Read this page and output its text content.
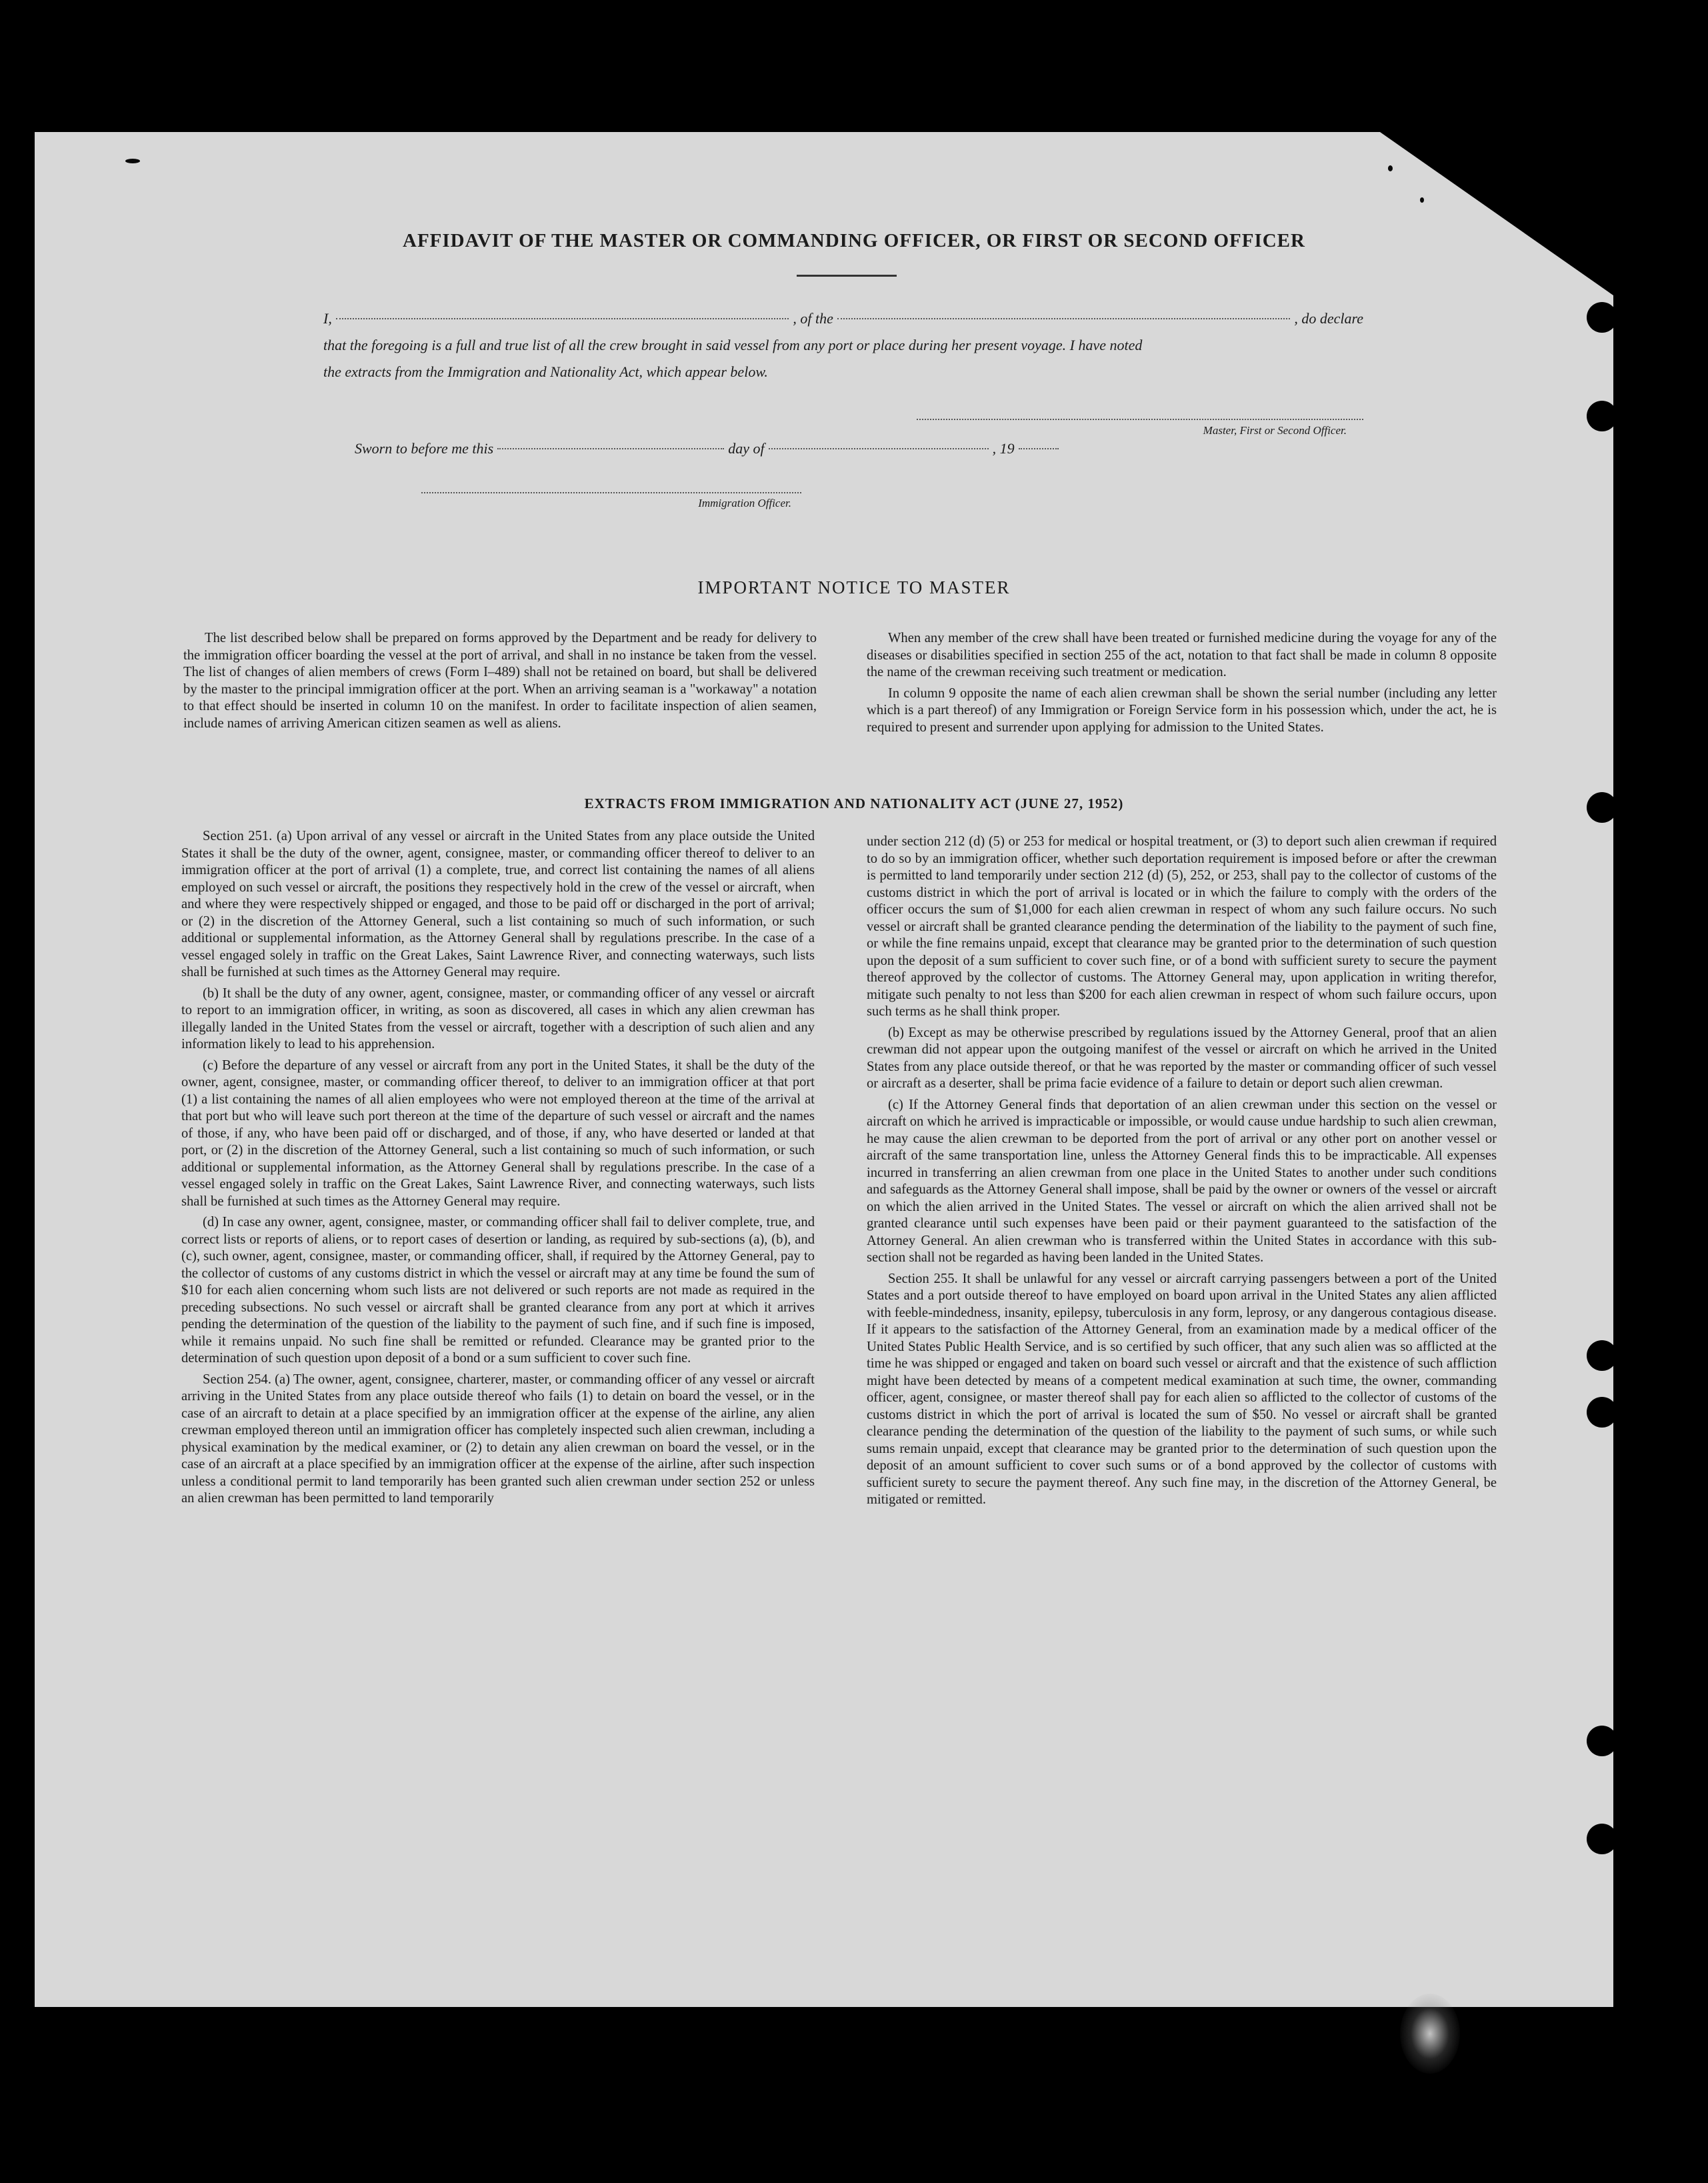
AFFIDAVIT OF THE MASTER OR COMMANDING OFFICER, OR FIRST OR SECOND OFFICER
I,	, of the	, do declare
that the foregoing is a full and true list of all the crew brought in said vessel from any port or place during her present voyage. I have noted
the extracts from the Immigration and Nationality Act, which appear below.
Master, First or Second Officer.
Sworn to before me this	day of	, 19
Immigration Officer.
IMPORTANT NOTICE TO MASTER

The list described below shall be prepared on forms approved by the Department and be ready for delivery to the immigration officer boarding the vessel at the port of arrival, and shall in no instance be taken from the vessel. The list of changes of alien members of crews (Form I–489) shall not be retained on board, but shall be delivered by the master to the principal immigration officer at the port. When an arriving seaman is a "workaway" a notation to that effect should be inserted in column 10 on the manifest. In order to facilitate inspection of alien seamen, include names of arriving American citizen seamen as well as aliens.

When any member of the crew shall have been treated or furnished medicine during the voyage for any of the diseases or disabilities specified in section 255 of the act, notation to that fact shall be made in column 8 opposite the name of the crewman receiving such treatment or medication.

In column 9 opposite the name of each alien crewman shall be shown the serial number (including any letter which is a part thereof) of any Immigration or Foreign Service form in his possession which, under the act, he is required to present and surrender upon applying for admission to the United States.

EXTRACTS FROM IMMIGRATION AND NATIONALITY ACT (JUNE 27, 1952)

Section 251. (a) Upon arrival of any vessel or aircraft in the United States from any place outside the United States it shall be the duty of the owner, agent, consignee, master, or commanding officer thereof to deliver to an immigration officer at the port of arrival (1) a complete, true, and correct list containing the names of all aliens employed on such vessel or aircraft, the positions they respectively hold in the crew of the vessel or aircraft, when and where they were respectively shipped or engaged, and those to be paid off or discharged in the port of arrival; or (2) in the discretion of the Attorney General, such a list containing so much of such information, or such additional or supplemental information, as the Attorney General shall by regulations prescribe. In the case of a vessel engaged solely in traffic on the Great Lakes, Saint Lawrence River, and connecting waterways, such lists shall be furnished at such times as the Attorney General may require.

(b) It shall be the duty of any owner, agent, consignee, master, or commanding officer of any vessel or aircraft to report to an immigration officer, in writing, as soon as discovered, all cases in which any alien crewman has illegally landed in the United States from the vessel or aircraft, together with a description of such alien and any information likely to lead to his apprehension.

(c) Before the departure of any vessel or aircraft from any port in the United States, it shall be the duty of the owner, agent, consignee, master, or commanding officer thereof, to deliver to an immigration officer at that port (1) a list containing the names of all alien employees who were not employed thereon at the time of the arrival at that port but who will leave such port thereon at the time of the departure of such vessel or aircraft and the names of those, if any, who have been paid off or discharged, and of those, if any, who have deserted or landed at that port, or (2) in the discretion of the Attorney General, such a list containing so much of such information, or such additional or supplemental information, as the Attorney General shall by regulations prescribe. In the case of a vessel engaged solely in traffic on the Great Lakes, Saint Lawrence River, and connecting waterways, such lists shall be furnished at such times as the Attorney General may require.

(d) In case any owner, agent, consignee, master, or commanding officer shall fail to deliver complete, true, and correct lists or reports of aliens, or to report cases of desertion or landing, as required by sub-sections (a), (b), and (c), such owner, agent, consignee, master, or commanding officer, shall, if required by the Attorney General, pay to the collector of customs of any customs district in which the vessel or aircraft may at any time be found the sum of $10 for each alien concerning whom such lists are not delivered or such reports are not made as required in the preceding subsections. No such vessel or aircraft shall be granted clearance from any port at which it arrives pending the determination of the question of the liability to the payment of such fine, and if such fine is imposed, while it remains unpaid. No such fine shall be remitted or refunded. Clearance may be granted prior to the determination of such question upon deposit of a bond or a sum sufficient to cover such fine.

Section 254. (a) The owner, agent, consignee, charterer, master, or commanding officer of any vessel or aircraft arriving in the United States from any place outside thereof who fails (1) to detain on board the vessel, or in the case of an aircraft to detain at a place specified by an immigration officer at the expense of the airline, any alien crewman employed thereon until an immigration officer has completely inspected such alien crewman, including a physical examination by the medical examiner, or (2) to detain any alien crewman on board the vessel, or in the case of an aircraft at a place specified by an immigration officer at the expense of the airline, after such inspection unless a conditional permit to land temporarily has been granted such alien crewman under section 252 or unless an alien crewman has been permitted to land temporarily

under section 212 (d) (5) or 253 for medical or hospital treatment, or (3) to deport such alien crewman if required to do so by an immigration officer, whether such deportation requirement is imposed before or after the crewman is permitted to land temporarily under section 212 (d) (5), 252, or 253, shall pay to the collector of customs of the customs district in which the port of arrival is located or in which the failure to comply with the orders of the officer occurs the sum of $1,000 for each alien crewman in respect of whom any such failure occurs. No such vessel or aircraft shall be granted clearance pending the determination of the liability to the payment of such fine, or while the fine remains unpaid, except that clearance may be granted prior to the determination of such question upon the deposit of a sum sufficient to cover such fine, or of a bond with sufficient surety to secure the payment thereof approved by the collector of customs. The Attorney General may, upon application in writing therefor, mitigate such penalty to not less than $200 for each alien crewman in respect of whom such failure occurs, upon such terms as he shall think proper.

(b) Except as may be otherwise prescribed by regulations issued by the Attorney General, proof that an alien crewman did not appear upon the outgoing manifest of the vessel or aircraft on which he arrived in the United States from any place outside thereof, or that he was reported by the master or commanding officer of such vessel or aircraft as a deserter, shall be prima facie evidence of a failure to detain or deport such alien crewman.

(c) If the Attorney General finds that deportation of an alien crewman under this section on the vessel or aircraft on which he arrived is impracticable or impossible, or would cause undue hardship to such alien crewman, he may cause the alien crewman to be deported from the port of arrival or any other port on another vessel or aircraft of the same transportation line, unless the Attorney General finds this to be impracticable. All expenses incurred in transferring an alien crewman from one place in the United States to another under such conditions and safeguards as the Attorney General shall impose, shall be paid by the owner or owners of the vessel or aircraft on which the alien arrived in the United States. The vessel or aircraft on which the alien arrived shall not be granted clearance until such expenses have been paid or their payment guaranteed to the satisfaction of the Attorney General. An alien crewman who is transferred within the United States in accordance with this sub-section shall not be regarded as having been landed in the United States.

Section 255. It shall be unlawful for any vessel or aircraft carrying passengers between a port of the United States and a port outside thereof to have employed on board upon arrival in the United States any alien afflicted with feeble-mindedness, insanity, epilepsy, tuberculosis in any form, leprosy, or any dangerous contagious disease. If it appears to the satisfaction of the Attorney General, from an examination made by a medical officer of the United States Public Health Service, and is so certified by such officer, that any such alien was so afflicted at the time he was shipped or engaged and taken on board such vessel or aircraft and that the existence of such affliction might have been detected by means of a competent medical examination at such time, the owner, commanding officer, agent, consignee, or master thereof shall pay for each alien so afflicted to the collector of customs of the customs district in which the port of arrival is located the sum of $50. No vessel or aircraft shall be granted clearance pending the determination of the question of the liability to the payment of such sums, or while such sums remain unpaid, except that clearance may be granted prior to the determination of such question upon the deposit of an amount sufficient to cover such sums or of a bond approved by the collector of customs with sufficient surety to secure the payment thereof. Any such fine may, in the discretion of the Attorney General, be mitigated or remitted.
